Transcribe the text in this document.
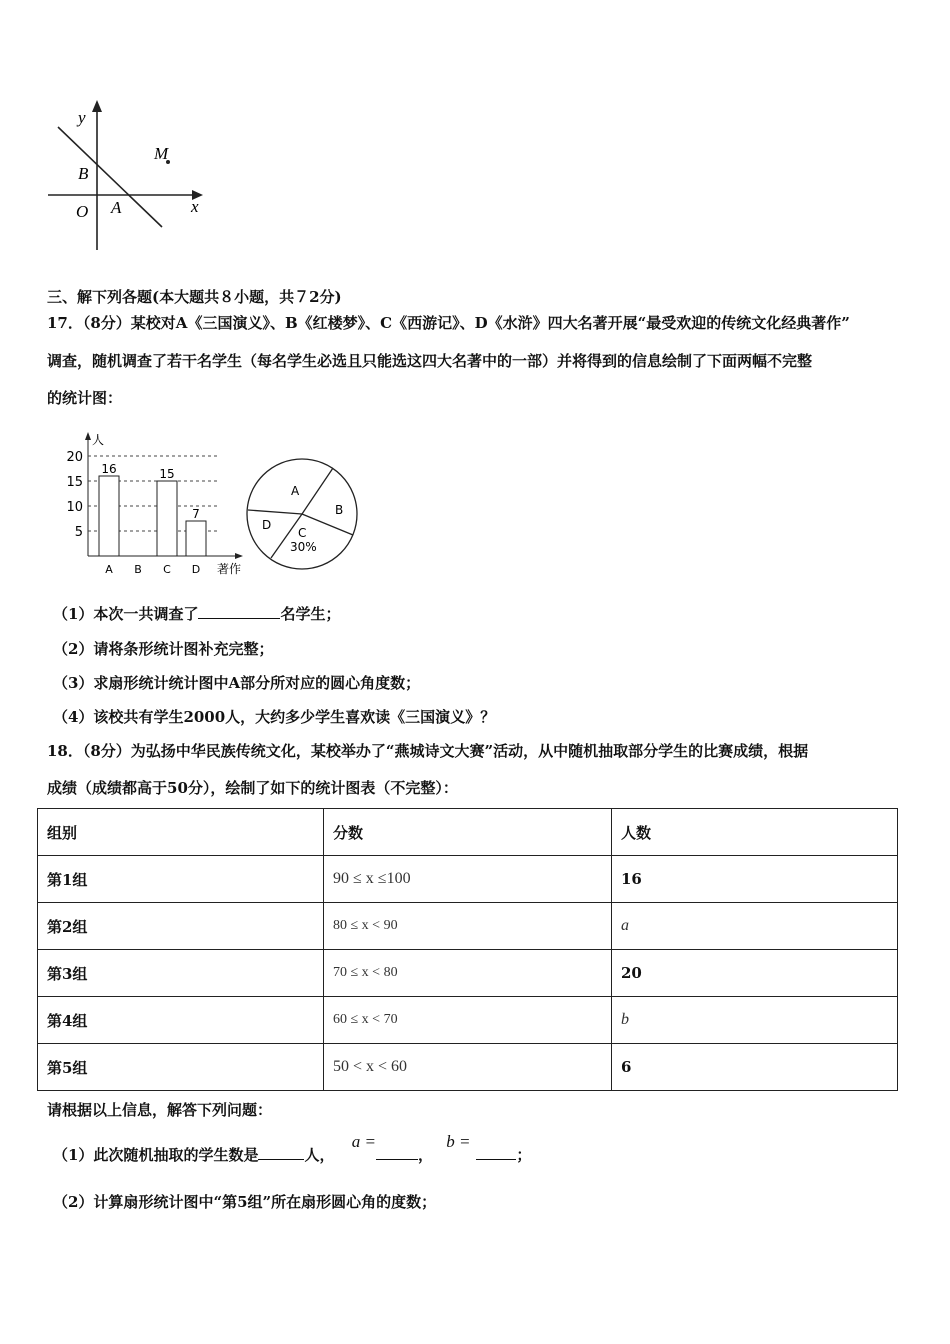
y
x
O A
B
M
三、解下列各题(本大题共８小题，共７2分)
17．（8分）某校对A《三国演义》、B《红楼梦》、C《西游记》、D《水浒》四大名著开展“最受欢迎的传统文化经典著作”
调查，随机调查了若干名学生（每名学生必选且只能选这四大名著中的一部）并将得到的信息绘制了下面两幅不完整
的统计图：
人
著作
5
10
15
20
16
A B
15
C
7
D
A
B
C
D
30%
（1）本次一共调查了	名学生；
（2）请将条形统计图补充完整；
（3）求扇形统计统计图中A部分所对应的圆心角度数；
（4）该校共有学生2000人，大约多少学生喜欢读《三国演义》？
18．（8分）为弘扬中华民族传统文化，某校举办了“燕城诗文大赛”活动，从中随机抽取部分学生的比赛成绩，根据
成绩（成绩都高于50分），绘制了如下的统计图表（不完整）：
组别	分数	人数
第1组	90 ≤ x ≤100	16
第2组	80 ≤ x < 90	a
第3组	70 ≤ x < 80	20
第4组	60 ≤ x < 70	b
第5组	50 < x < 60	6
请根据以上信息，解答下列问题：
（1）此次随机抽取的学生数是	人， a =， b =；
（2）计算扇形统计图中“第5组”所在扇形圆心角的度数；
